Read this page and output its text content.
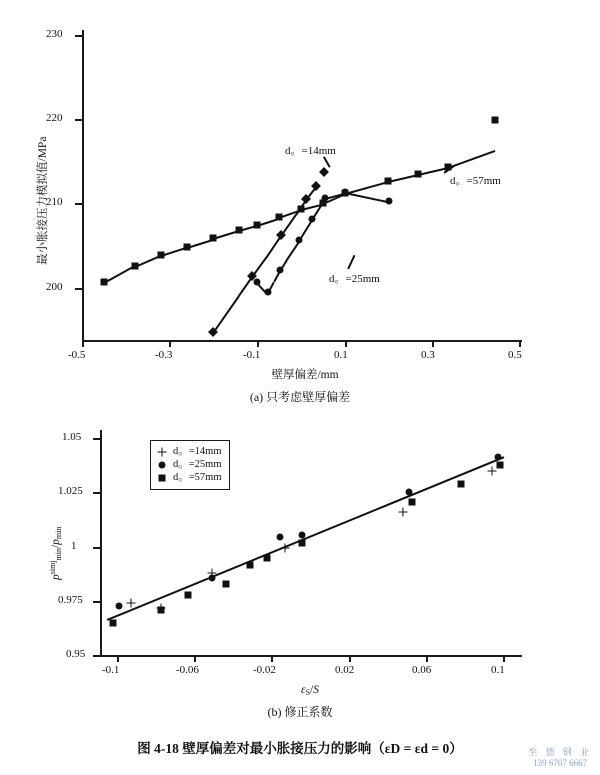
230
220
210
200
-0.5	-0.3	-0.1	0.1	0.3	0.5
最小胀接压力模拟值/MPa
壁厚偏差/mm
d。=14mm
d。=25mm
d。=57mm
(a) 只考虑壁厚偏差
1.05
1.025
1
0.975
0.95
-0.1	-0.06	-0.02	0.02	0.06	0.1
$p^{simj}_{min}/p_{min}$
$\varepsilon_S/S$
d。=14mm
d。=25mm
d。=57mm
(b) 修正系数
图 4-18 壁厚偏差对最小胀接压力的影响（εD = εd = 0）	至 德 钢 业
139 6707 6667
